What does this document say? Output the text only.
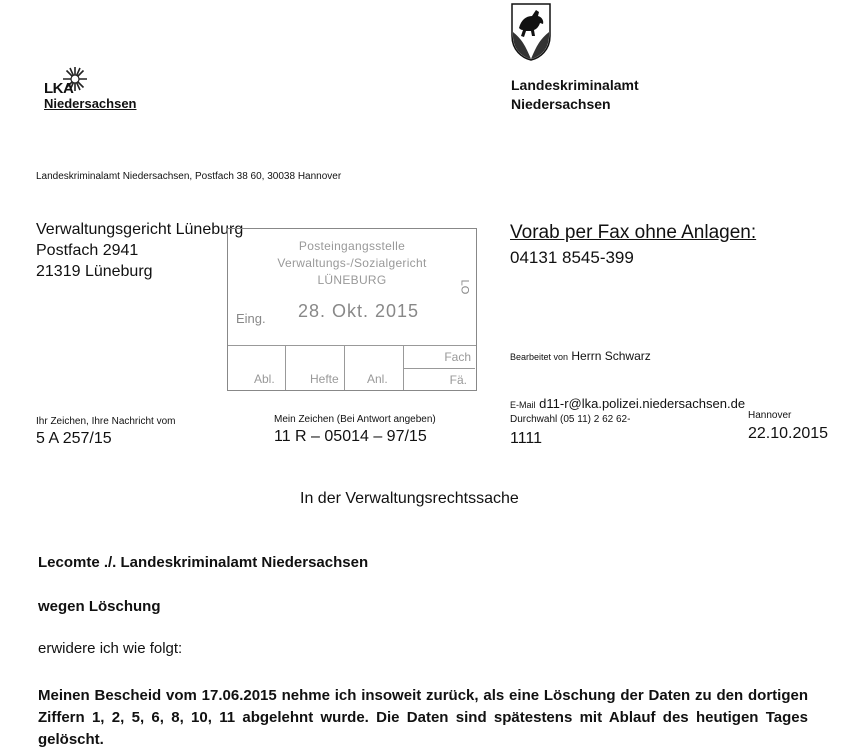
LKA
Niedersachsen
Landeskriminalamt
Niedersachsen
Landeskriminalamt Niedersachsen, Postfach 38 60, 30038 Hannover
Verwaltungsgericht Lüneburg
Postfach 2941
21319 Lüneburg
Vorab per Fax ohne Anlagen:
04131 8545-399
Posteingangsstelle
Verwaltungs-/Sozialgericht
LÜNEBURG
Eing. 28. Okt. 2015
LO
Abl.	Hefte Anl.
Fach
Fä.
Bearbeitet von Herrn Schwarz
E-Mail d11-r@lka.polizei.niedersachsen.de
Ihr Zeichen, Ihre Nachricht vom	Mein Zeichen (Bei Antwort angeben)	Durchwahl (05 11) 2 62 62-	Hannover
5 A 257/15	11 R – 05014 – 97/15	1111	22.10.2015
In der Verwaltungsrechtssache
Lecomte ./. Landeskriminalamt Niedersachsen
wegen Löschung
erwidere ich wie folgt:
Meinen Bescheid vom 17.06.2015 nehme ich insoweit zurück, als eine Löschung der Daten zu den dortigen Ziffern 1, 2, 5, 6, 8, 10, 11 abgelehnt wurde. Die Daten sind spätestens mit Ablauf des heutigen Tages gelöscht.
